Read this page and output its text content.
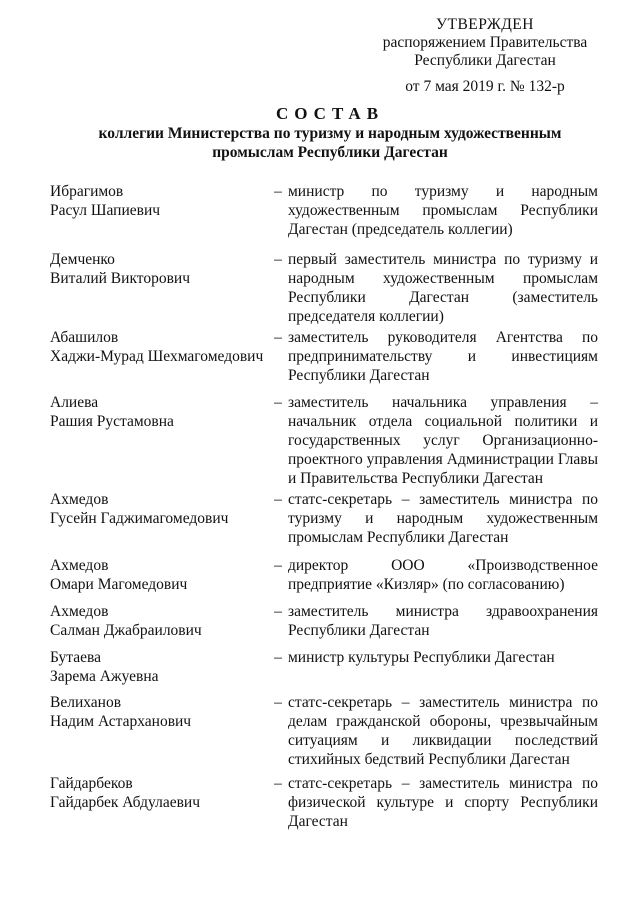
УТВЕРЖДЕН
распоряжением Правительства
Республики Дагестан
от 7 мая 2019 г. № 132-р
СОСТАВ
коллегии Министерства по туризму и народным художественным промыслам Республики Дагестан
Ибрагимов
Расул Шапиевич
– министр по туризму и народным художественным промыслам Республики Дагестан (председатель коллегии)
Демченко
Виталий Викторович
– первый заместитель министра по туризму и народным художественным промыслам Республики Дагестан (заместитель председателя коллегии)
Абашилов
Хаджи-Мурад Шехмагомедович
– заместитель руководителя Агентства по предпринимательству и инвестициям Республики Дагестан
Алиева
Рашия Рустамовна
– заместитель начальника управления – начальник отдела социальной политики и государственных услуг Организационно-проектного управления Администрации Главы и Правительства Республики Дагестан
Ахмедов
Гусейн Гаджимагомедович
– статс-секретарь – заместитель министра по туризму и народным художественным промыслам Республики Дагестан
Ахмедов
Омари Магомедович
– директор ООО «Производственное предприятие «Кизляр» (по согласованию)
Ахмедов
Салман Джабраилович
– заместитель министра здравоохранения Республики Дагестан
Бутаева
Зарема Ажуевна
– министр культуры Республики Дагестан
Велиханов
Надим Астарханович
– статс-секретарь – заместитель министра по делам гражданской обороны, чрезвычайным ситуациям и ликвидации последствий стихийных бедствий Республики Дагестан
Гайдарбеков
Гайдарбек Абдулаевич
– статс-секретарь – заместитель министра по физической культуре и спорту Республики Дагестан
